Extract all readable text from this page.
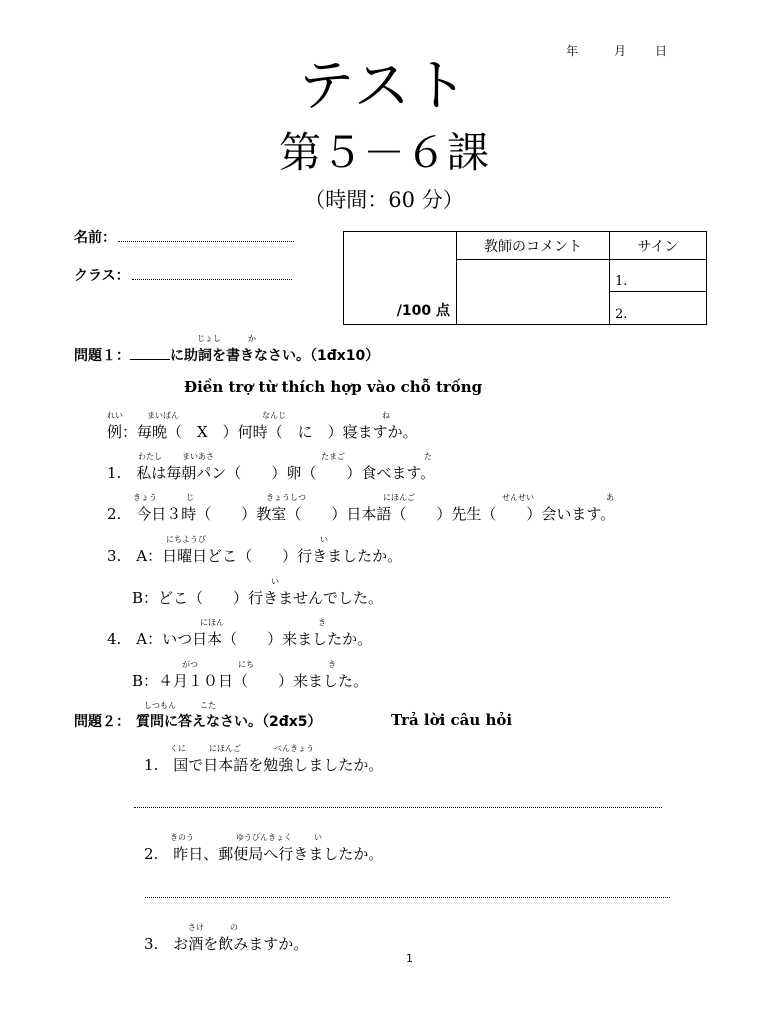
年	月 日
テスト
第５－６課
（時間：60 分）
名前：
クラス：
/100 点	教師のコメント	サイン
		1.
		2.
じょし	か
問題１：	に助詞を書きなさい。（1đx10）
Điền trợ từ thích hợp vào chỗ trống
れい	まいばん	なんじ	ね
例：毎晩（　X　）何時（　に　）寝ますか。
わたし	まいあさ	たまご	た
1.　私は毎朝パン（　　）卵（　　）食べます。
きょう	じ	きょうしつ	にほんご	せんせい	あ
2.　今日３時（　　）教室（　　）日本語（　　）先生（　　）会います。
にちようび	い
3.　A：日曜日どこ（　　）行きましたか。
い
B：どこ（　　）行きませんでした。
にほん	き
4.　A：いつ日本（　　）来ましたか。
がつ	にち	き
B：４月１０日（　　）来ました。
しつもん	こた
問題２： 質問に答えなさい。（2đx5）	Trả lời câu hỏi
くに	にほんご	べんきょう
1.　国で日本語を勉強しましたか。
きのう	ゆうびんきょく	い
2.　昨日、郵便局へ行きましたか。
さけ	の
3.　お酒を飲みますか。
1
